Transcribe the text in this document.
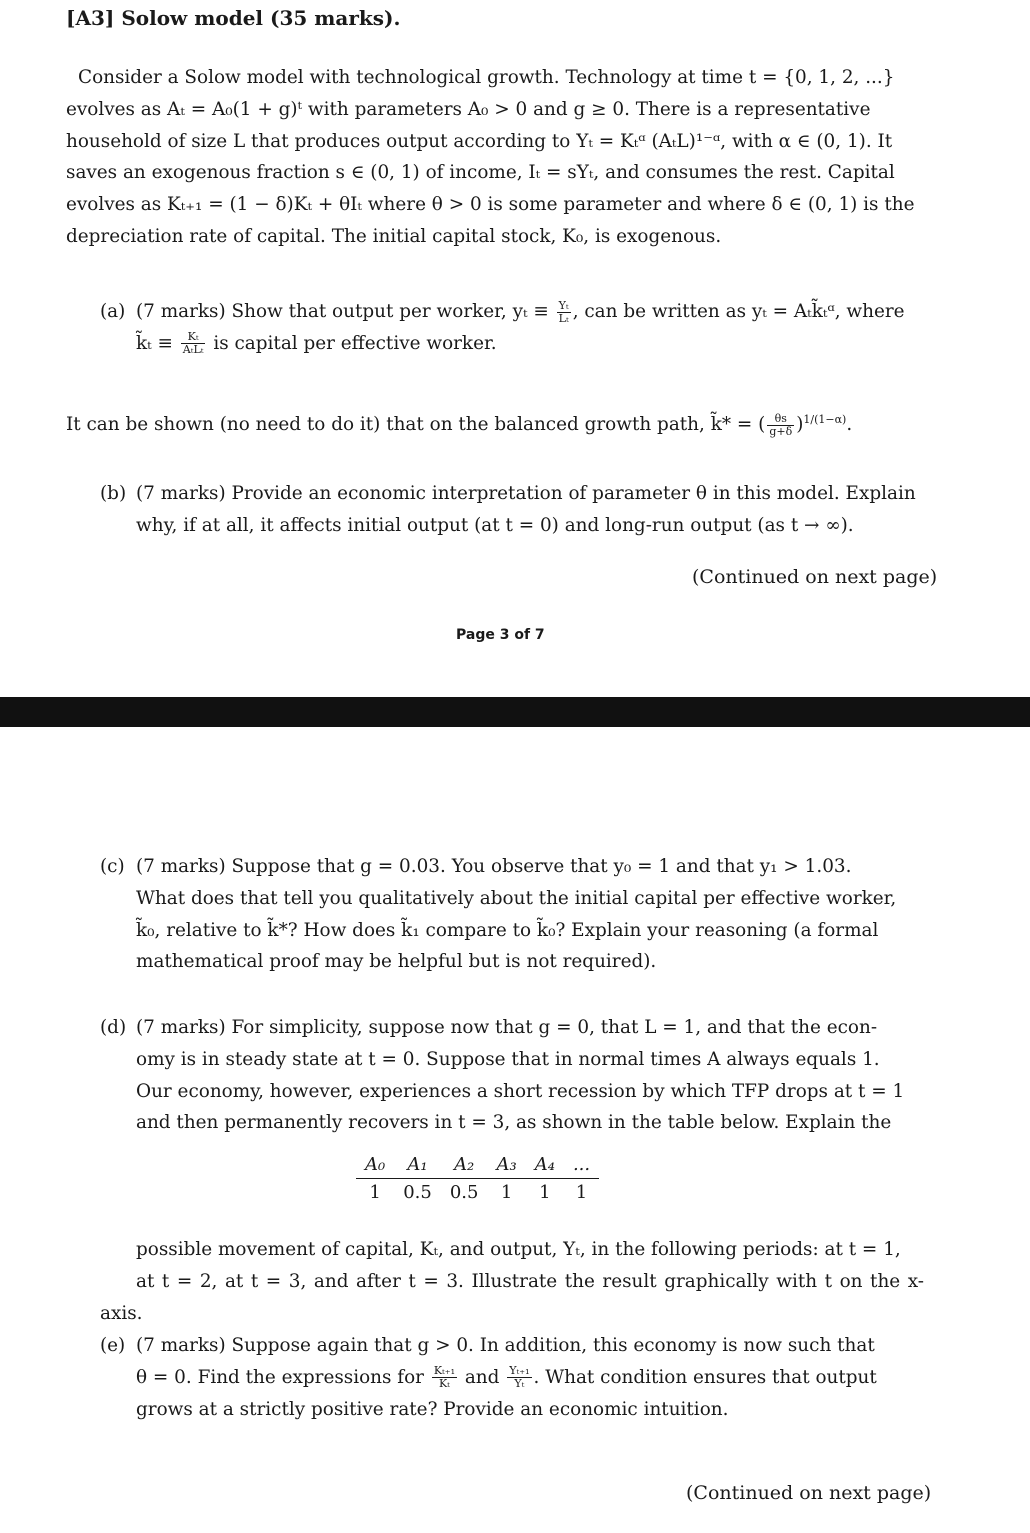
[A3] Solow model (35 marks).
Consider a Solow model with technological growth. Technology at time t = {0, 1, 2, ...}
evolves as Aₜ = A₀(1 + g)ᵗ with parameters A₀ > 0 and g ≥ 0. There is a representative
household of size L that produces output according to Yₜ = Kₜᵅ (AₜL)¹⁻ᵅ, with α ∈ (0, 1). It
saves an exogenous fraction s ∈ (0, 1) of income, Iₜ = sYₜ, and consumes the rest. Capital
evolves as Kₜ₊₁ = (1 − δ)Kₜ + θIₜ where θ > 0 is some parameter and where δ ∈ (0, 1) is the
depreciation rate of capital. The initial capital stock, K₀, is exogenous.
(a) (7 marks) Show that output per worker, $y_t \equiv \frac{\text{Yₜ}}{\text{Lₜ}}$ , can be written as yₜ = Aₜk̃ₜᵅ, where
k̃ₜ ≡ $\frac{\text{Kₜ}}{\text{AₜLₜ}}$ is capital per effective worker.
It can be shown (no need to do it) that on the balanced growth path, k̃* = ( $\frac{\theta s}{g+\delta} )^{1/(1-\alpha)}$.
(b) (7 marks) Provide an economic interpretation of parameter θ in this model. Explain
why, if at all, it affects initial output (at t = 0) and long-run output (as t → ∞).
(Continued on next page)
Page 3 of 7
(c) (7 marks) Suppose that g = 0.03. You observe that y₀ = 1 and that y₁ > 1.03.
What does that tell you qualitatively about the initial capital per effective worker,
k̃₀, relative to k̃*? How does k̃₁ compare to k̃₀? Explain your reasoning (a formal
mathematical proof may be helpful but is not required).
(d) (7 marks) For simplicity, suppose now that g = 0, that L = 1, and that the econ-
omy is in steady state at t = 0. Suppose that in normal times A always equals 1.
Our economy, however, experiences a short recession by which TFP drops at t = 1
and then permanently recovers in t = 3, as shown in the table below. Explain the
A₀	A₁	A₂	A₃	A₄	...
1	0.5	0.5	1	1	1
possible movement of capital, Kₜ, and output, Yₜ, in the following periods: at t = 1,
at t = 2, at t = 3, and after t = 3. Illustrate the result graphically with t on the x-axis.
(e) (7 marks) Suppose again that g > 0. In addition, this economy is now such that
θ = 0. Find the expressions for $\frac{\text{Kₜ₊₁}}{\text{Kₜ}}$ and $\frac{\text{Yₜ₊₁}}{\text{Yₜ}}$ . What condition ensures that output
grows at a strictly positive rate? Provide an economic intuition.
(Continued on next page)
